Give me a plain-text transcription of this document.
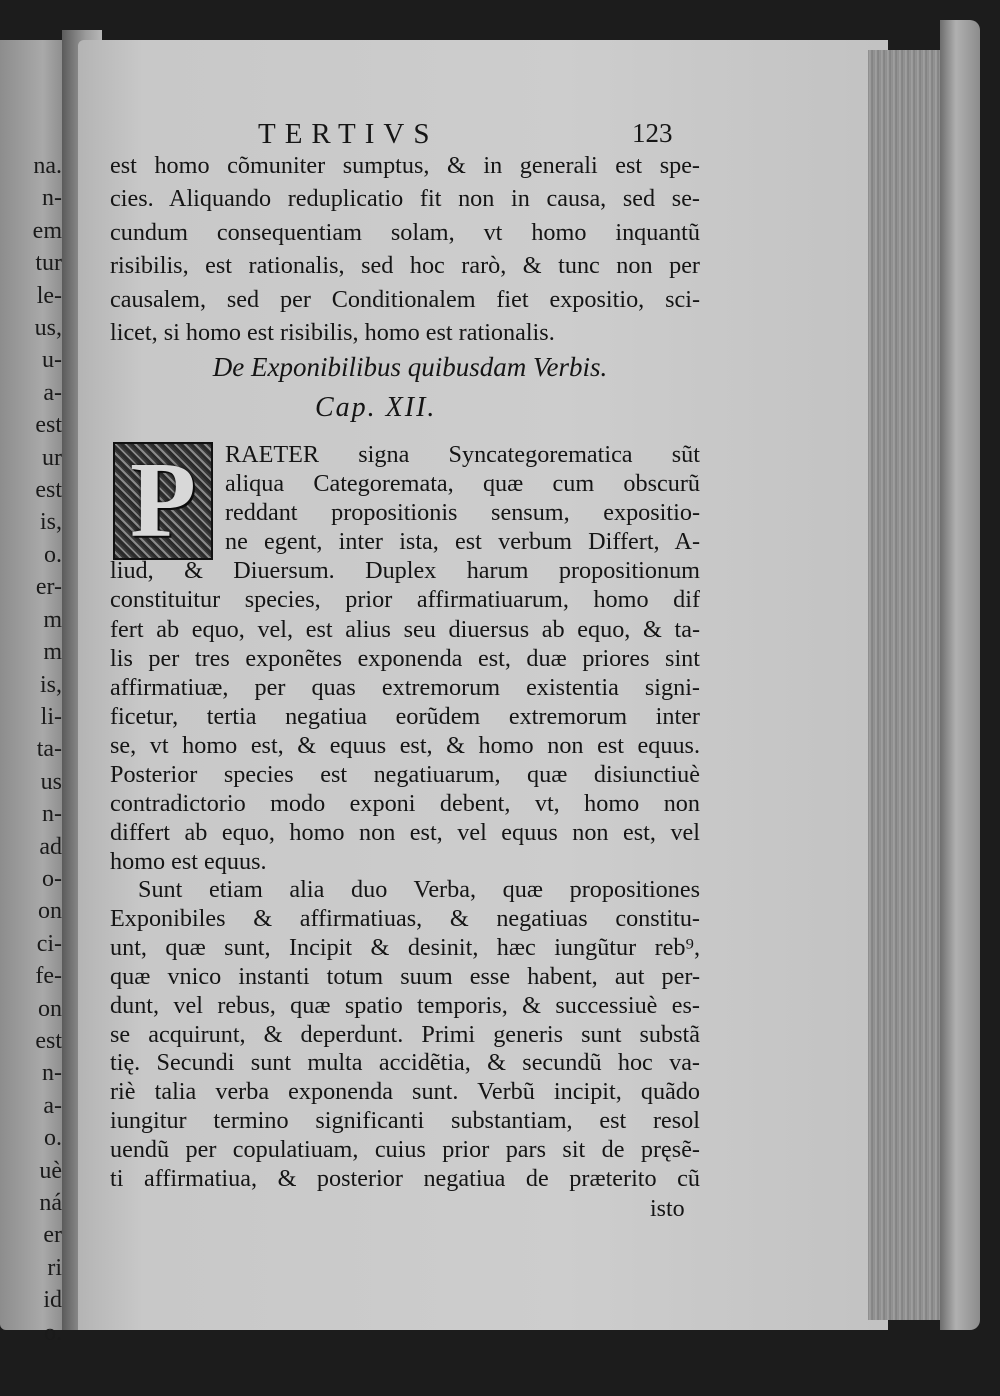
na.
n-
em
tur
le-
us,
u-
a-
est
ur
est
is,
o.
er-
m
m
is,
li-
ta-
us
n-
ad
o-
on
ci-
fe-
on
est
n-
a-
o.
uè
ná
er
ri
id
o.
TERTIVS	123
est homo cõmuniter sumptus, & in generali est spe-
cies. Aliquando reduplicatio fit non in causa, sed se-
cundum consequentiam solam, vt homo inquantũ
risibilis, est rationalis, sed hoc rarò, & tunc non per
causalem, sed per Conditionalem fiet expositio, sci-
licet, si homo est risibilis, homo est rationalis.
De Exponibilibus quibusdam Verbis.
Cap. XII.
P	RAETER signa Syncategorematica sũt
aliqua Categoremata, quæ cum obscurũ
reddant propositionis sensum, expositio-
ne egent, inter ista, est verbum Differt, A-
liud, & Diuersum. Duplex harum propositionum
constituitur species, prior affirmatiuarum, homo dif
fert ab equo, vel, est alius seu diuersus ab equo, & ta-
lis per tres exponẽtes exponenda est, duæ priores sint
affirmatiuæ, per quas extremorum existentia signi-
ficetur, tertia negatiua eorũdem extremorum inter
se, vt homo est, & equus est, & homo non est equus.
Posterior species est negatiuarum, quæ disiunctiuè
contradictorio modo exponi debent, vt, homo non
differt ab equo, homo non est, vel equus non est, vel
homo est equus.
Sunt etiam alia duo Verba, quæ propositiones
Exponibiles & affirmatiuas, & negatiuas constitu-
unt, quæ sunt, Incipit & desinit, hæc iungũtur reb⁹,
quæ vnico instanti totum suum esse habent, aut per-
dunt, vel rebus, quæ spatio temporis, & successiuè es-
se acquirunt, & deperdunt. Primi generis sunt substã
tię. Secundi sunt multa accidẽtia, & secundũ hoc va-
riè talia verba exponenda sunt. Verbũ incipit, quãdo
iungitur termino significanti substantiam, est resol
uendũ per copulatiuam, cuius prior pars sit de pręsẽ-
ti affirmatiua, & posterior negatiua de præterito cũ
isto
